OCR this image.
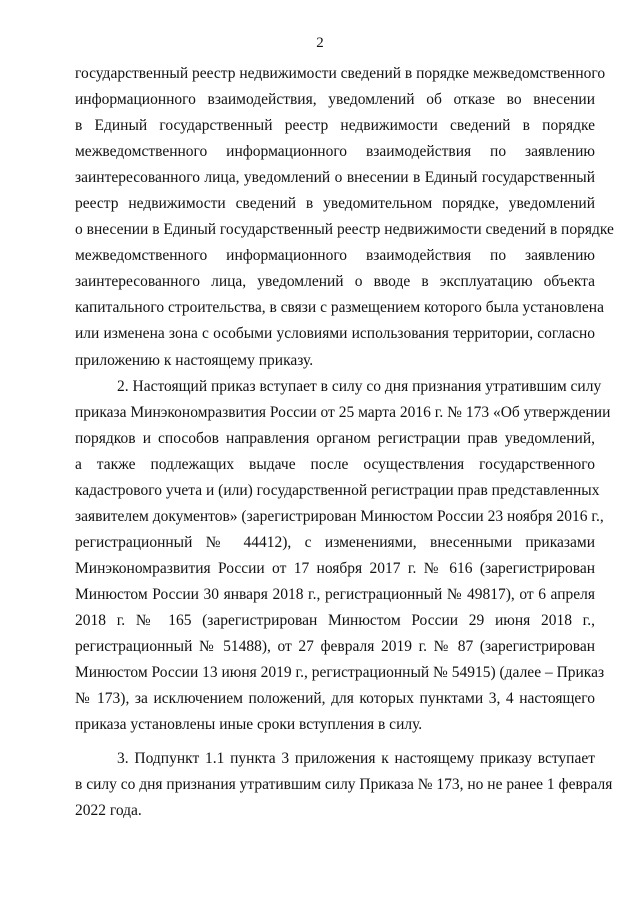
2
государственный реестр недвижимости сведений в порядке межведомственного
информационного взаимодействия, уведомлений об отказе во внесении
в Единый государственный реестр недвижимости сведений в порядке
межведомственного информационного взаимодействия по заявлению
заинтересованного лица, уведомлений о внесении в Единый государственный
реестр недвижимости сведений в уведомительном порядке, уведомлений
о внесении в Единый государственный реестр недвижимости сведений в порядке
межведомственного информационного взаимодействия по заявлению
заинтересованного лица, уведомлений о вводе в эксплуатацию объекта
капитального строительства, в связи с размещением которого была установлена
или изменена зона с особыми условиями использования территории, согласно
приложению к настоящему приказу.
2. Настоящий приказ вступает в силу со дня признания утратившим силу
приказа Минэкономразвития России от 25 марта 2016 г. № 173 «Об утверждении
порядков и способов направления органом регистрации прав уведомлений,
а также подлежащих выдаче после осуществления государственного
кадастрового учета и (или) государственной регистрации прав представленных
заявителем документов» (зарегистрирован Минюстом России 23 ноября 2016 г.,
регистрационный № 44412), с изменениями, внесенными приказами
Минэкономразвития России от 17 ноября 2017 г. № 616 (зарегистрирован
Минюстом России 30 января 2018 г., регистрационный № 49817), от 6 апреля
2018 г. № 165 (зарегистрирован Минюстом России 29 июня 2018 г.,
регистрационный № 51488), от 27 февраля 2019 г. № 87 (зарегистрирован
Минюстом России 13 июня 2019 г., регистрационный № 54915) (далее – Приказ
№ 173), за исключением положений, для которых пунктами 3, 4 настоящего
приказа установлены иные сроки вступления в силу.
3. Подпункт 1.1 пункта 3 приложения к настоящему приказу вступает
в силу со дня признания утратившим силу Приказа № 173, но не ранее 1 февраля
2022 года.
